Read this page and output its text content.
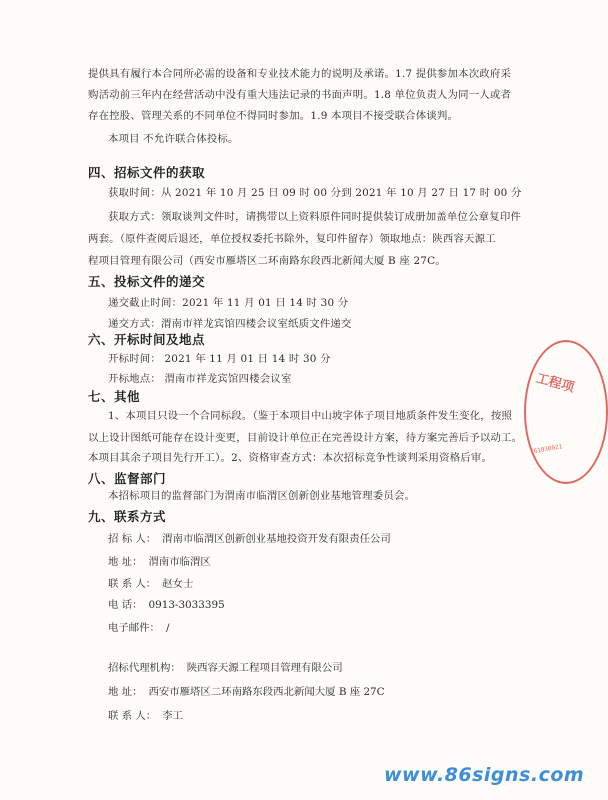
提供具有履行本合同所必需的设备和专业技术能力的说明及承诺。1.7 提供参加本次政府采
购活动前三年内在经营活动中没有重大违法记录的书面声明。1.8 单位负责人为同一人或者
存在控股、管理关系的不同单位不得同时参加。1.9 本项目不接受联合体谈判。
本项目 不允许联合体投标。
四、招标文件的获取
获取时间：从 2021 年 10 月 25 日 09 时 00 分到 2021 年 10 月 27 日 17 时 00 分
获取方式：领取谈判文件时，请携带以上资料原件同时提供装订成册加盖单位公章复印件
两套。（原件查阅后退还，单位授权委托书除外，复印件留存）领取地点：陕西容天源工
程项目管理有限公司（西安市雁塔区二环南路东段西北新闻大厦 B 座 27C。
五、投标文件的递交
递交截止时间：2021 年 11 月 01 日 14 时 30 分
递交方式：渭南市祥龙宾馆四楼会议室纸质文件递交
六、开标时间及地点
开标时间： 2021 年 11 月 01 日 14 时 30 分
开标地点： 渭南市祥龙宾馆四楼会议室
七、其他
1、本项目只设一个合同标段。（鉴于本项目中山坡字体子项目地质条件发生变化，按照
以上设计图纸可能存在设计变更，目前设计单位正在完善设计方案，待方案完善后予以动工。
本项目其余子项目先行开工）。2、资格审查方式：本次招标竞争性谈判采用资格后审。
八、监督部门
本招标项目的监督部门为渭南市临渭区创新创业基地管理委员会。
九、联系方式
招 标 人： 渭南市临渭区创新创业基地投资开发有限责任公司
地 址： 渭南市临渭区
联 系 人： 赵女士
电 话： 0913-3033395
电子邮件： /
招标代理机构： 陕西容天源工程项目管理有限公司
地 址： 西安市雁塔区二环南路东段西北新闻大厦 B 座 27C
联 系 人： 李工
工程项
T61030021
www.86signs.com
